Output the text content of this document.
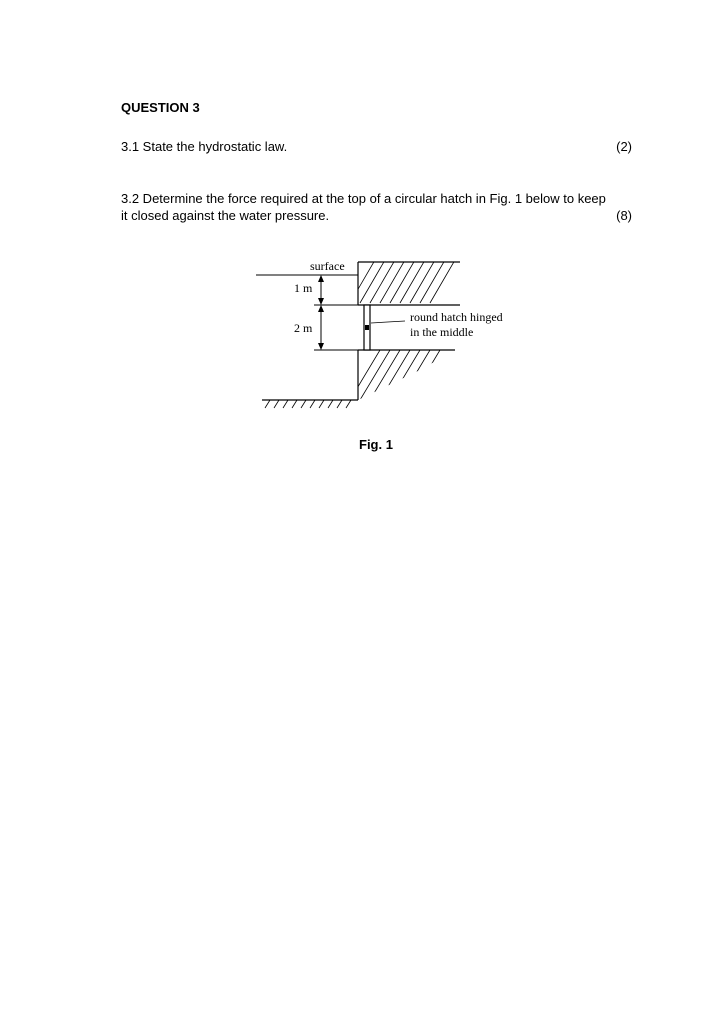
QUESTION 3
3.1 State the hydrostatic law.	(2)
3.2 Determine the force required at the top of a circular hatch in Fig. 1 below to keep
it closed against the water pressure.	(8)
surface
round hatch hinged
in the middle
1 m
2 m
Fig. 1
